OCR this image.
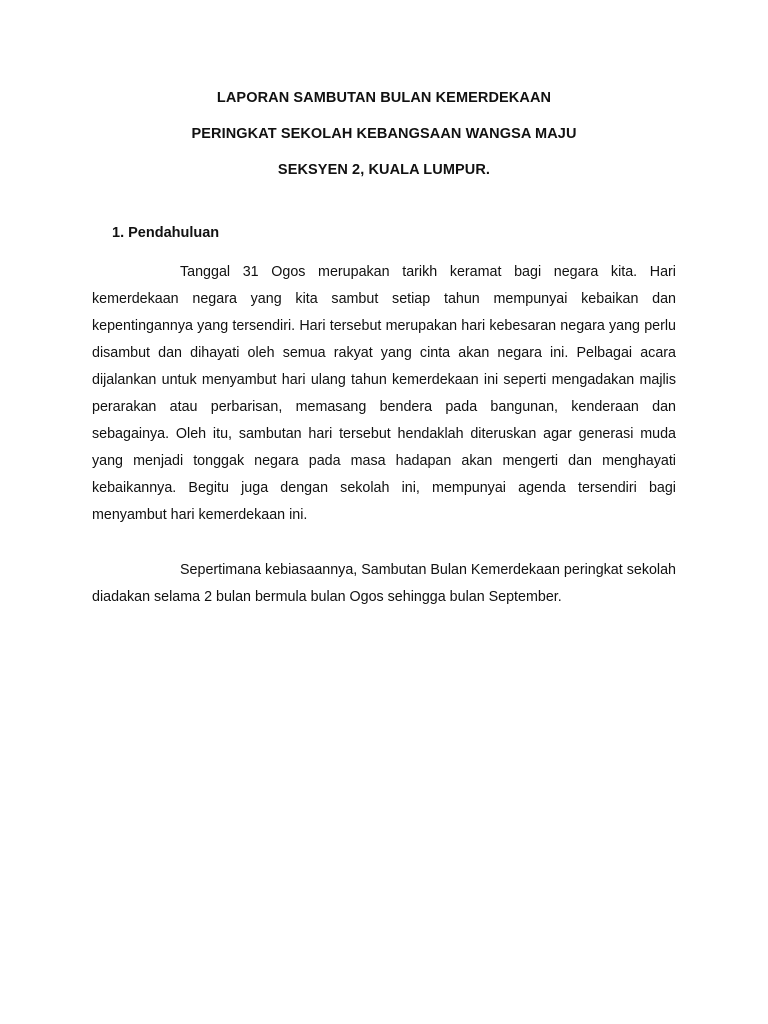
LAPORAN SAMBUTAN BULAN KEMERDEKAAN

PERINGKAT SEKOLAH KEBANGSAAN WANGSA MAJU

SEKSYEN 2, KUALA LUMPUR.

1. Pendahuluan

Tanggal 31 Ogos merupakan tarikh keramat bagi negara kita. Hari kemerdekaan negara yang kita sambut setiap tahun mempunyai kebaikan dan kepentingannya yang tersendiri. Hari tersebut merupakan hari kebesaran negara yang perlu disambut dan dihayati oleh semua rakyat yang cinta akan negara ini. Pelbagai acara dijalankan untuk menyambut hari ulang tahun kemerdekaan ini seperti mengadakan majlis perarakan atau perbarisan, memasang bendera pada bangunan, kenderaan dan sebagainya. Oleh itu, sambutan hari tersebut hendaklah diteruskan agar generasi muda yang menjadi tonggak negara pada masa hadapan akan mengerti dan menghayati kebaikannya. Begitu juga dengan sekolah ini, mempunyai agenda tersendiri bagi menyambut hari kemerdekaan ini.

Sepertimana kebiasaannya, Sambutan Bulan Kemerdekaan peringkat sekolah diadakan selama 2 bulan bermula bulan Ogos sehingga bulan September.
